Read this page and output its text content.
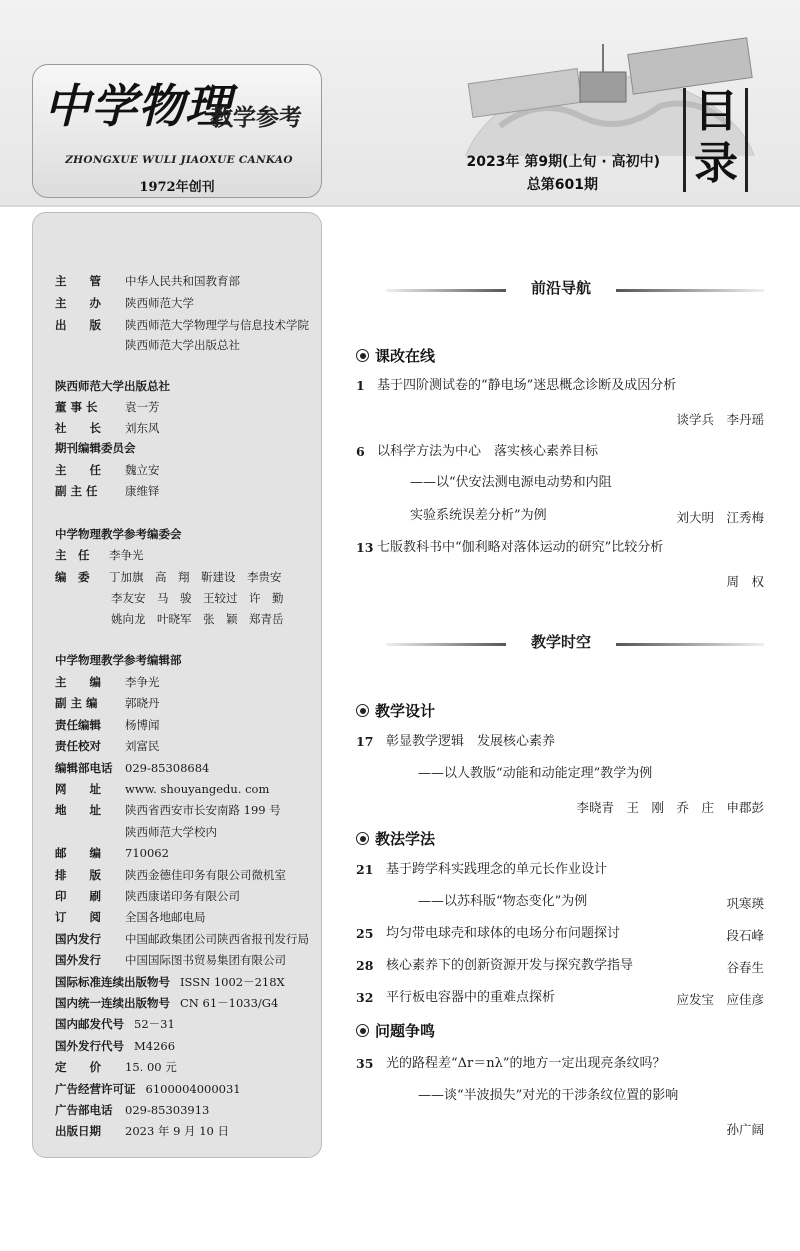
中学物理
教学参考
ZHONGXUE WULI JIAOXUE CANKAO
1972年创刊
2023年 第9期(上旬 · 高初中)
总第601期
目
录
主　　管 中华人民共和国教育部
主　　办 陕西师范大学
出　　版 陕西师范大学物理学与信息技术学院
陕西师范大学出版总社
陕西师范大学出版总社
董 事 长 袁一芳
社　　长 刘东风
期刊编辑委员会
主　　任 魏立安
副 主 任 康维铎
中学物理教学参考编委会
主　任 李争光
编　委 丁加旗　高　翔　靳建设　李贵安
李友安　马　骏　王较过　许　勤
姚向龙　叶晓军　张　颖　郑青岳
中学物理教学参考编辑部
主　　编 李争光
副 主 编 郭晓丹
责任编辑 杨博闻
责任校对 刘富民
编辑部电话 029-85308684
网　　址 www. shouyangedu. com
地　　址 陕西省西安市长安南路 199 号
陕西师范大学校内
邮　　编 710062
排　　版 陕西金德佳印务有限公司微机室
印　　刷 陕西康诺印务有限公司
订　　阅 全国各地邮电局
国内发行 中国邮政集团公司陕西省报刊发行局
国外发行 中国国际图书贸易集团有限公司
国际标准连续出版物号 ISSN 1002－218X
国内统一连续出版物号 CN 61－1033/G4
国内邮发代号 52－31
国外发行代号 M4266
定　　价 15. 00 元
广告经营许可证 6100004000031
广告部电话 029-85303913
出版日期 2023 年 9 月 10 日
前沿导航
课改在线
1 基于四阶测试卷的“静电场”迷思概念诊断及成因分析
谈学兵　李丹瑶
6 以科学方法为中心　落实核心素养目标
——以“伏安法测电源电动势和内阻
实验系统误差分析”为例	刘大明　江秀梅
13 七版教科书中“伽利略对落体运动的研究”比较分析
周　权
教学时空
教学设计
17 彰显教学逻辑　发展核心素养
——以人教版“动能和动能定理”教学为例
李晓青　王　刚　乔　庄　申郡彭
教法学法
21 基于跨学科实践理念的单元长作业设计
——以苏科版“物态变化”为例	巩寒瑛
25 均匀带电球壳和球体的电场分布问题探讨	段石峰
28 核心素养下的创新资源开发与探究教学指导	谷春生
32 平行板电容器中的重难点探析	应发宝　应佳彦
问题争鸣
35 光的路程差“Δr＝nλ”的地方一定出现亮条纹吗？
——谈“半波损失”对光的干涉条纹位置的影响
孙广阔
